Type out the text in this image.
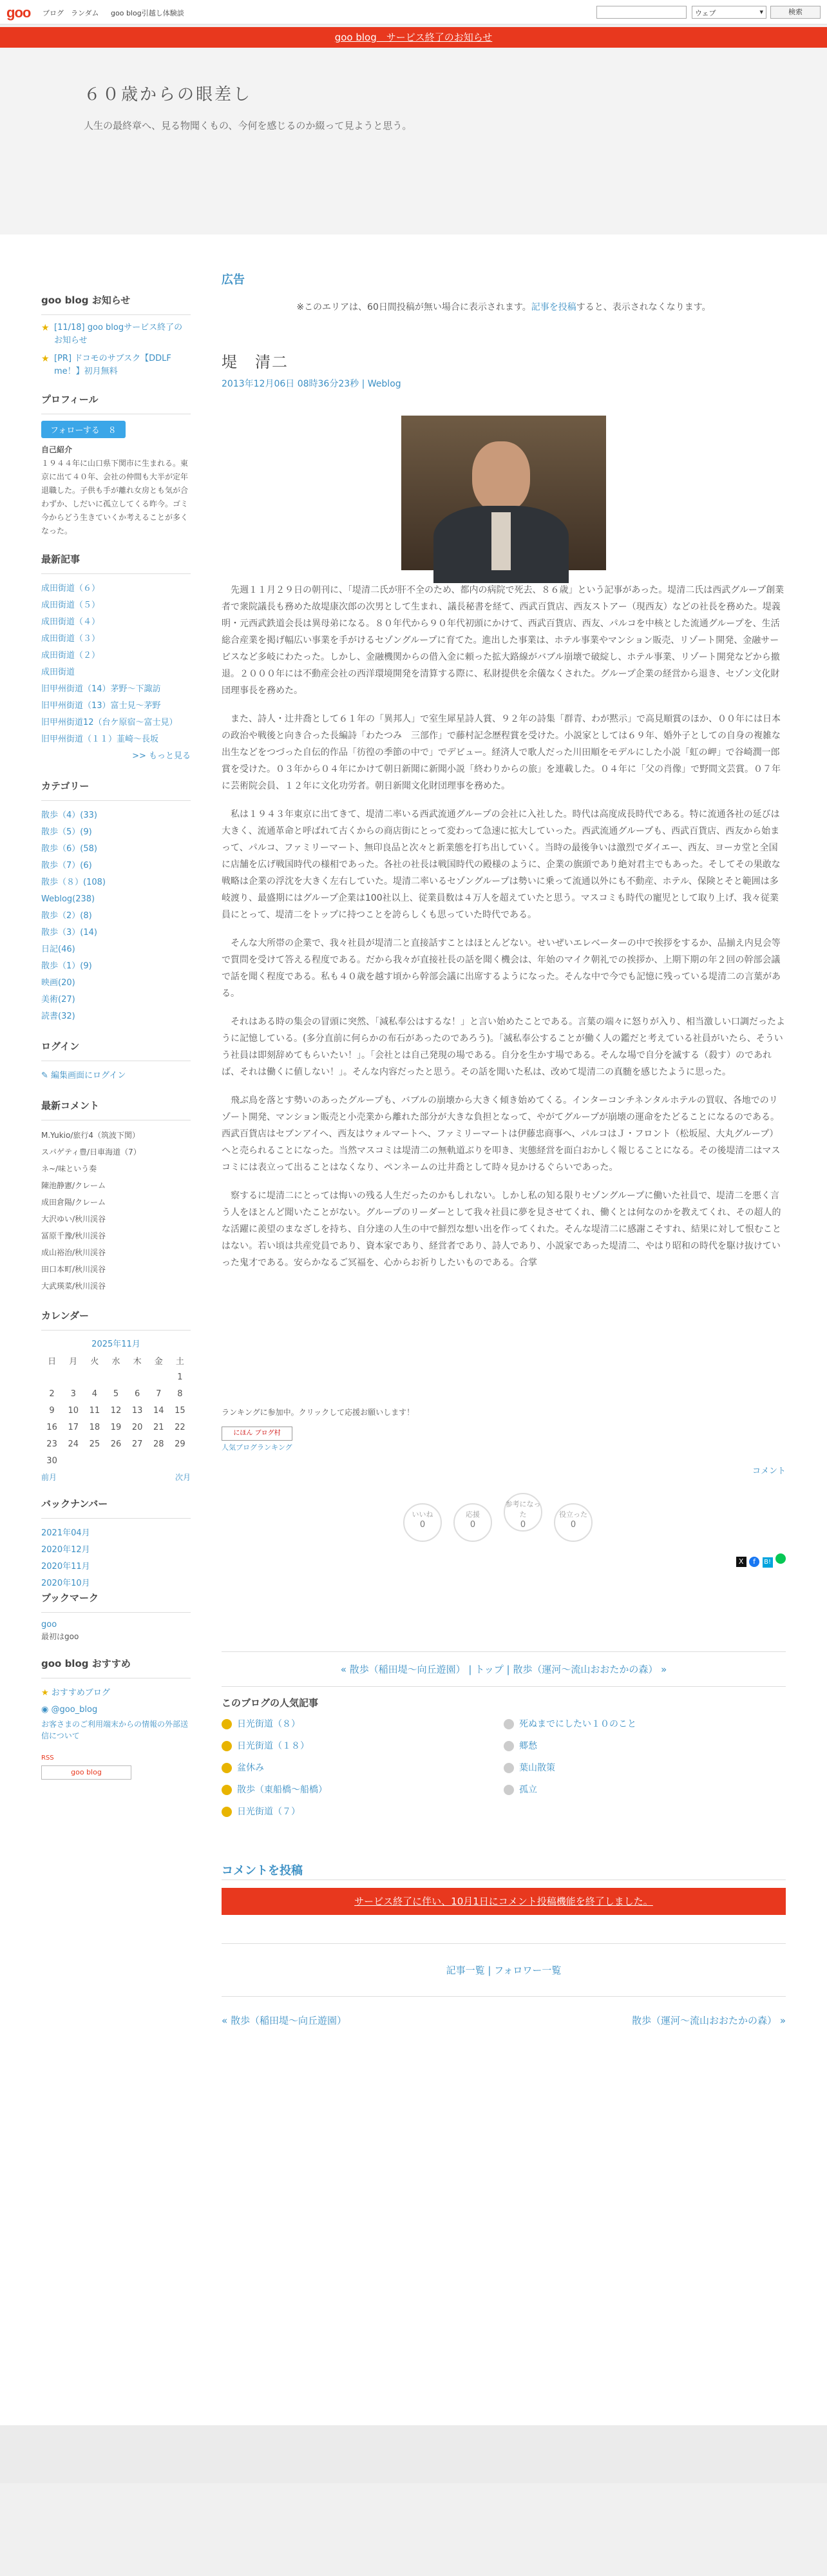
goo ブログ ランダム goo blog引越し体験談	ウェブ	▾	検索
goo blog　サービス終了のお知らせ
６０歳からの眼差し
人生の最終章へ、見る物聞くもの、今何を感じるのか綴って見ようと思う。
goo blog お知らせ
★ [11/18] goo blogサービス終了のお知らせ
★ [PR] ドコモのサブスク【DDLF me！】初月無料
プロフィール
フォローする　８
自己紹介
１９４４年に山口県下関市に生まれる。東京に出て４０年、会社の仲間も大半が定年退職した。子供も手が離れ女房とも気が合わずか、しだいに孤立してくる昨今。ゴミ今からどう生きていくか考えることが多くなった。
最新記事
成田街道（６）
成田街道（５）
成田街道（４）
成田街道（３）
成田街道（２）
成田街道
旧甲州街道（14）茅野〜下諏訪
旧甲州街道（13）富士見〜茅野
旧甲州街道12（台ケ原宿〜富士見）
旧甲州街道（１１）韮崎〜長坂
>> もっと見る
カテゴリー
散歩（4）(33)
散歩（5）(9)
散歩（6）(58)
散歩（7）(6)
散歩（８）(108)
Weblog(238)
散歩（2）(8)
散歩（3）(14)
日記(46)
散歩（1）(9)
映画(20)
美術(27)
読書(32)
ログイン
✎ 編集画面にログイン
最新コメント
M.Yukio/旅行4（筑波下関）
スパゲティ豊/日車海道（7）
ネ~/味という奏
陳池静憲/クレーム
成田倉陽/クレーム
大沢ゆい/秋川渓谷
冨原千豫/秋川渓谷
成山裕治/秋川渓谷
田口本町/秋川渓谷
大武瑛菜/秋川渓谷
カレンダー
2025年11月
日	月	火	水	木	金	土
						1
2	3	4	5	6	7	8
9	10	11	12	13	14	15
16	17	18	19	20	21	22
23	24	25	26	27	28	29
30						
前月	次月
バックナンバー
2021年04月
2020年12月
2020年11月
2020年10月
ブックマーク
goo
最初はgoo
goo blog おすすめ
★ おすすめブログ
◉ @goo_blog
お客さまのご利用端末からの情報の外部送信について
RSS
goo blog
広告
※このエリアは、60日間投稿が無い場合に表示されます。記事を投稿すると、表示されなくなります。
堤　清二
2013年12月06日 08時36分23秒 | Weblog

先週１１月２９日の朝刊に、「堤清二氏が肝不全のため、都内の病院で死去、８６歳」という記事があった。堤清二氏は西武グループ創業者で衆院議長も務めた故堤康次郎の次男として生まれ、議長秘書を経て、西武百貨店、西友ストアー（現西友）などの社長を務めた。堤義明・元西武鉄道会長は異母弟になる。８０年代から９０年代初頭にかけて、西武百貨店、西友、パルコを中核とした流通グループを、生活総合産業を掲げ幅広い事業を手がけるセゾングループに育てた。進出した事業は、ホテル事業やマンション販売、リゾート開発、金融サービスなど多岐にわたった。しかし、金融機関からの借入金に頼った拡大路線がバブル崩壊で破綻し、ホテル事業、リゾート開発などから撤退。２０００年には不動産会社の西洋環境開発を清算する際に、私財提供を余儀なくされた。グループ企業の経営から退き、セゾン文化財団理事長を務めた。

また、詩人・辻井喬として６１年の「異邦人」で室生犀星詩人賞、９２年の詩集「群青、わが黙示」で高見順賞のほか、００年には日本の政治や戦後と向き合った長編詩「わたつみ　三部作」で藤村記念歴程賞を受けた。小説家としては６９年、婚外子としての自身の複雑な出生などをつづった自伝的作品「彷徨の季節の中で」でデビュー。経済人で歌人だった川田順をモデルにした小説「虹の岬」で谷崎潤一郎賞を受けた。０３年から０４年にかけて朝日新聞に新聞小説「終わりからの旅」を連載した。０４年に「父の肖像」で野間文芸賞。０７年に芸術院会員、１２年に文化功労者。朝日新聞文化財団理事を務めた。

私は１９４３年東京に出てきて、堤清二率いる西武流通グループの会社に入社した。時代は高度成長時代である。特に流通各社の延びは大きく、流通革命と呼ばれて古くからの商店街にとって変わって急速に拡大していった。西武流通グループも、西武百貨店、西友から始まって、パルコ、ファミリーマート、無印良品と次々と新業態を打ち出していく。当時の最後争いは激烈でダイエー、西友、ヨーカ堂と全国に店舗を広げ戦国時代の様相であった。各社の社長は戦国時代の殿様のように、企業の旗頭であり絶対君主でもあった。そしてその果敢な戦略は企業の浮沈を大きく左右していた。堤清二率いるセゾングループは勢いに乗って流通以外にも不動産、ホテル、保険とそと範囲は多岐渡り、最盛期にはグループ企業は100社以上、従業員数は４万人を超えていたと思う。マスコミも時代の寵児として取り上げ、我々従業員にとって、堤清二をトップに持つことを誇らしくも思っていた時代である。

そんな大所帯の企業で、我々社員が堤清二と直接話すことはほとんどない。せいぜいエレベーターの中で挨拶をするか、品揃え内見会等で質問を受けて答える程度である。だから我々が直接社長の話を聞く機会は、年始のマイク朝礼での挨拶か、上期下期の年２回の幹部会議で話を聞く程度である。私も４０歳を越す頃から幹部会議に出席するようになった。そんな中で今でも記憶に残っている堤清二の言葉がある。

それはある時の集会の冒頭に突然、「減私奉公はするな！」と言い始めたことである。言葉の端々に怒りが入り、相当激しい口調だったように記憶している。(多分直前に何らかの布石があったのであろう)。「滅私奉公することが働く人の鑑だと考えている社員がいたら、そういう社員は即刻辞めてもらいたい！」。「会社とは自己発現の場である。自分を生かす場である。そんな場で自分を滅する（殺す）のであれば、それは働くに値しない！」。そんな内容だったと思う。その話を聞いた私は、改めて堤清二の真髄を感じたように思った。

飛ぶ鳥を落とす勢いのあったグループも、バブルの崩壊から大きく傾き始めてくる。インターコンチネンタルホテルの買収、各地でのリゾート開発、マンション販売と小売業から離れた部分が大きな負担となって、やがてグループが崩壊の運命をたどることになるのである。西武百貨店はセブンアイへ、西友はウォルマートへ、ファミリーマートは伊藤忠商事へ、パルコはＪ・フロント（松坂屋、大丸グループ）へと売られることになった。当然マスコミは堤清二の無軌道ぶりを叩き、実態経営を面白おかしく報じることになる。その後堤清二はマスコミには表立って出ることはなくなり、ペンネームの辻井喬として時々見かけるぐらいであった。

察するに堤清二にとっては悔いの残る人生だったのかもしれない。しかし私の知る限りセゾングループに働いた社員で、堤清二を悪く言う人をほとんど聞いたことがない。グループのリーダーとして我々社員に夢を見させてくれ、働くとは何なのかを教えてくれ、その超人的な活躍に羨望のまなざしを持ち、自分達の人生の中で鮮烈な想い出を作ってくれた。そんな堤清二に感謝こそすれ、結果に対して恨むことはない。若い頃は共産党員であり、資本家であり、経営者であり、詩人であり、小説家であった堤清二、やはり昭和の時代を駆け抜けていった鬼才である。安らかなるご冥福を、心からお祈りしたいものである。合掌

ランキングに参加中。クリックして応援お願いします！
にほん ブログ村
人気ブログランキング
コメント
いいね
0
応援
0
参考になった
0
役立った
0
X f B!
« 散歩（稲田堤〜向丘遊園） | トップ | 散歩（運河〜流山おおたかの森） »
このブログの人気記事
日光街道（８）
日光街道（１８）
盆休み
散歩（東船橋〜船橋）
日光街道（７）
死ぬまでにしたい１０のこと
郷愁
葉山散策
孤立
コメントを投稿
サービス終了に伴い、10月1日にコメント投稿機能を終了しました。
記事一覧 | フォロワー一覧
« 散歩（稲田堤〜向丘遊園）	散歩（運河〜流山おおたかの森） »
